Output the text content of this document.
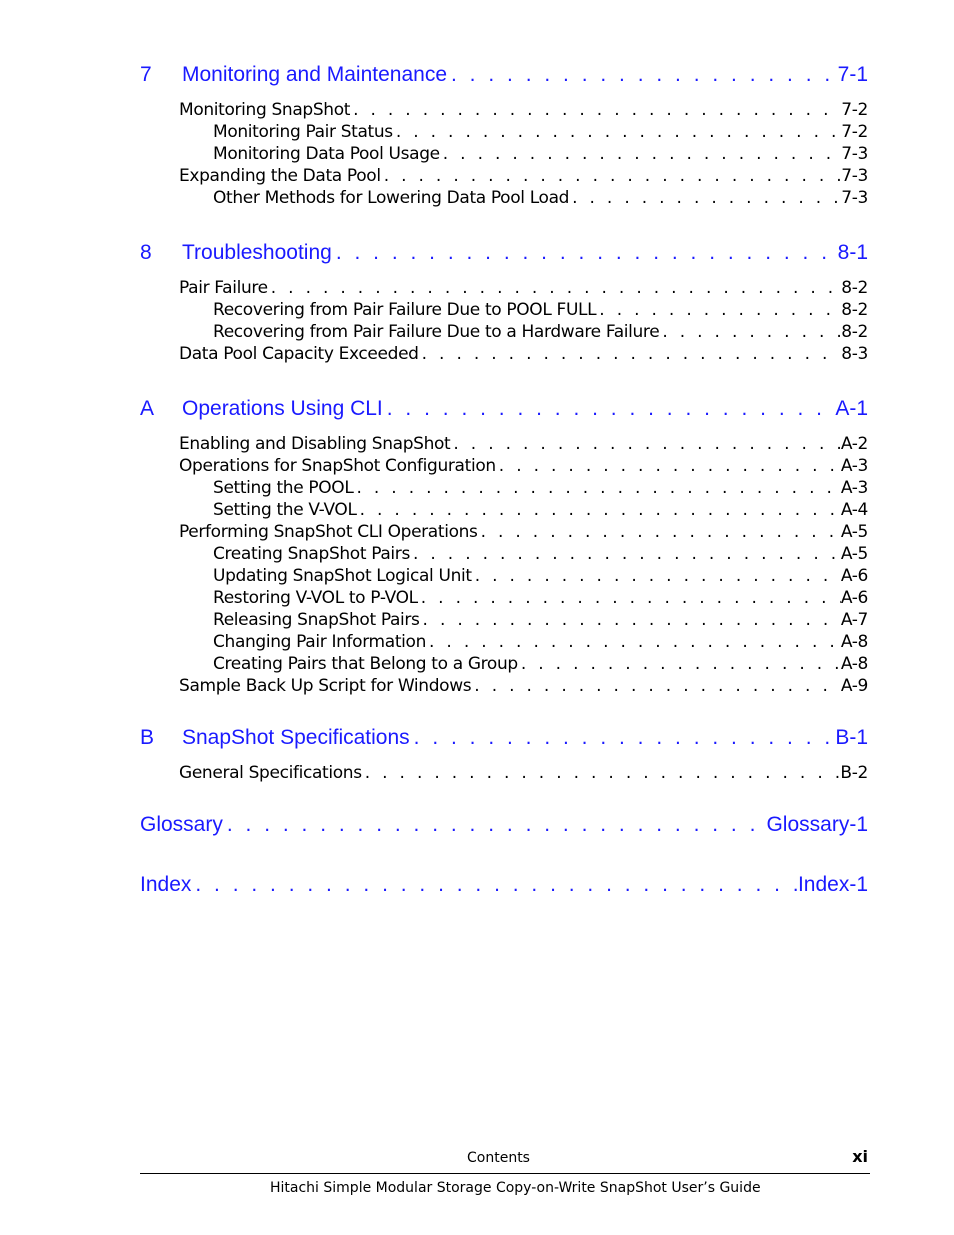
7	Monitoring and Maintenance . . .	7-1
Monitoring SnapShot . . .	7-2
Monitoring Pair Status . . .	7-2
Monitoring Data Pool Usage . . .	7-3
Expanding the Data Pool . . .	7-3
Other Methods for Lowering Data Pool Load . . .	7-3
8	Troubleshooting . . .	8-1
Pair Failure . . .	8-2
Recovering from Pair Failure Due to POOL FULL . . .	8-2
Recovering from Pair Failure Due to a Hardware Failure . . .	8-2
Data Pool Capacity Exceeded . . .	8-3
A	Operations Using CLI . . .	A-1
Enabling and Disabling SnapShot . . .	A-2
Operations for SnapShot Configuration . . .	A-3
Setting the POOL . . .	A-3
Setting the V-VOL . . .	A-4
Performing SnapShot CLI Operations . . .	A-5
Creating SnapShot Pairs . . .	A-5
Updating SnapShot Logical Unit . . .	A-6
Restoring V-VOL to P-VOL . . .	A-6
Releasing SnapShot Pairs . . .	A-7
Changing Pair Information . . .	A-8
Creating Pairs that Belong to a Group . . .	A-8
Sample Back Up Script for Windows . . .	A-9
B	SnapShot Specifications . . .	B-1
General Specifications . . .	B-2
Glossary . . .	Glossary-1
Index . . .	Index-1
Contents	xi
Hitachi Simple Modular Storage Copy-on-Write SnapShot User’s Guide
